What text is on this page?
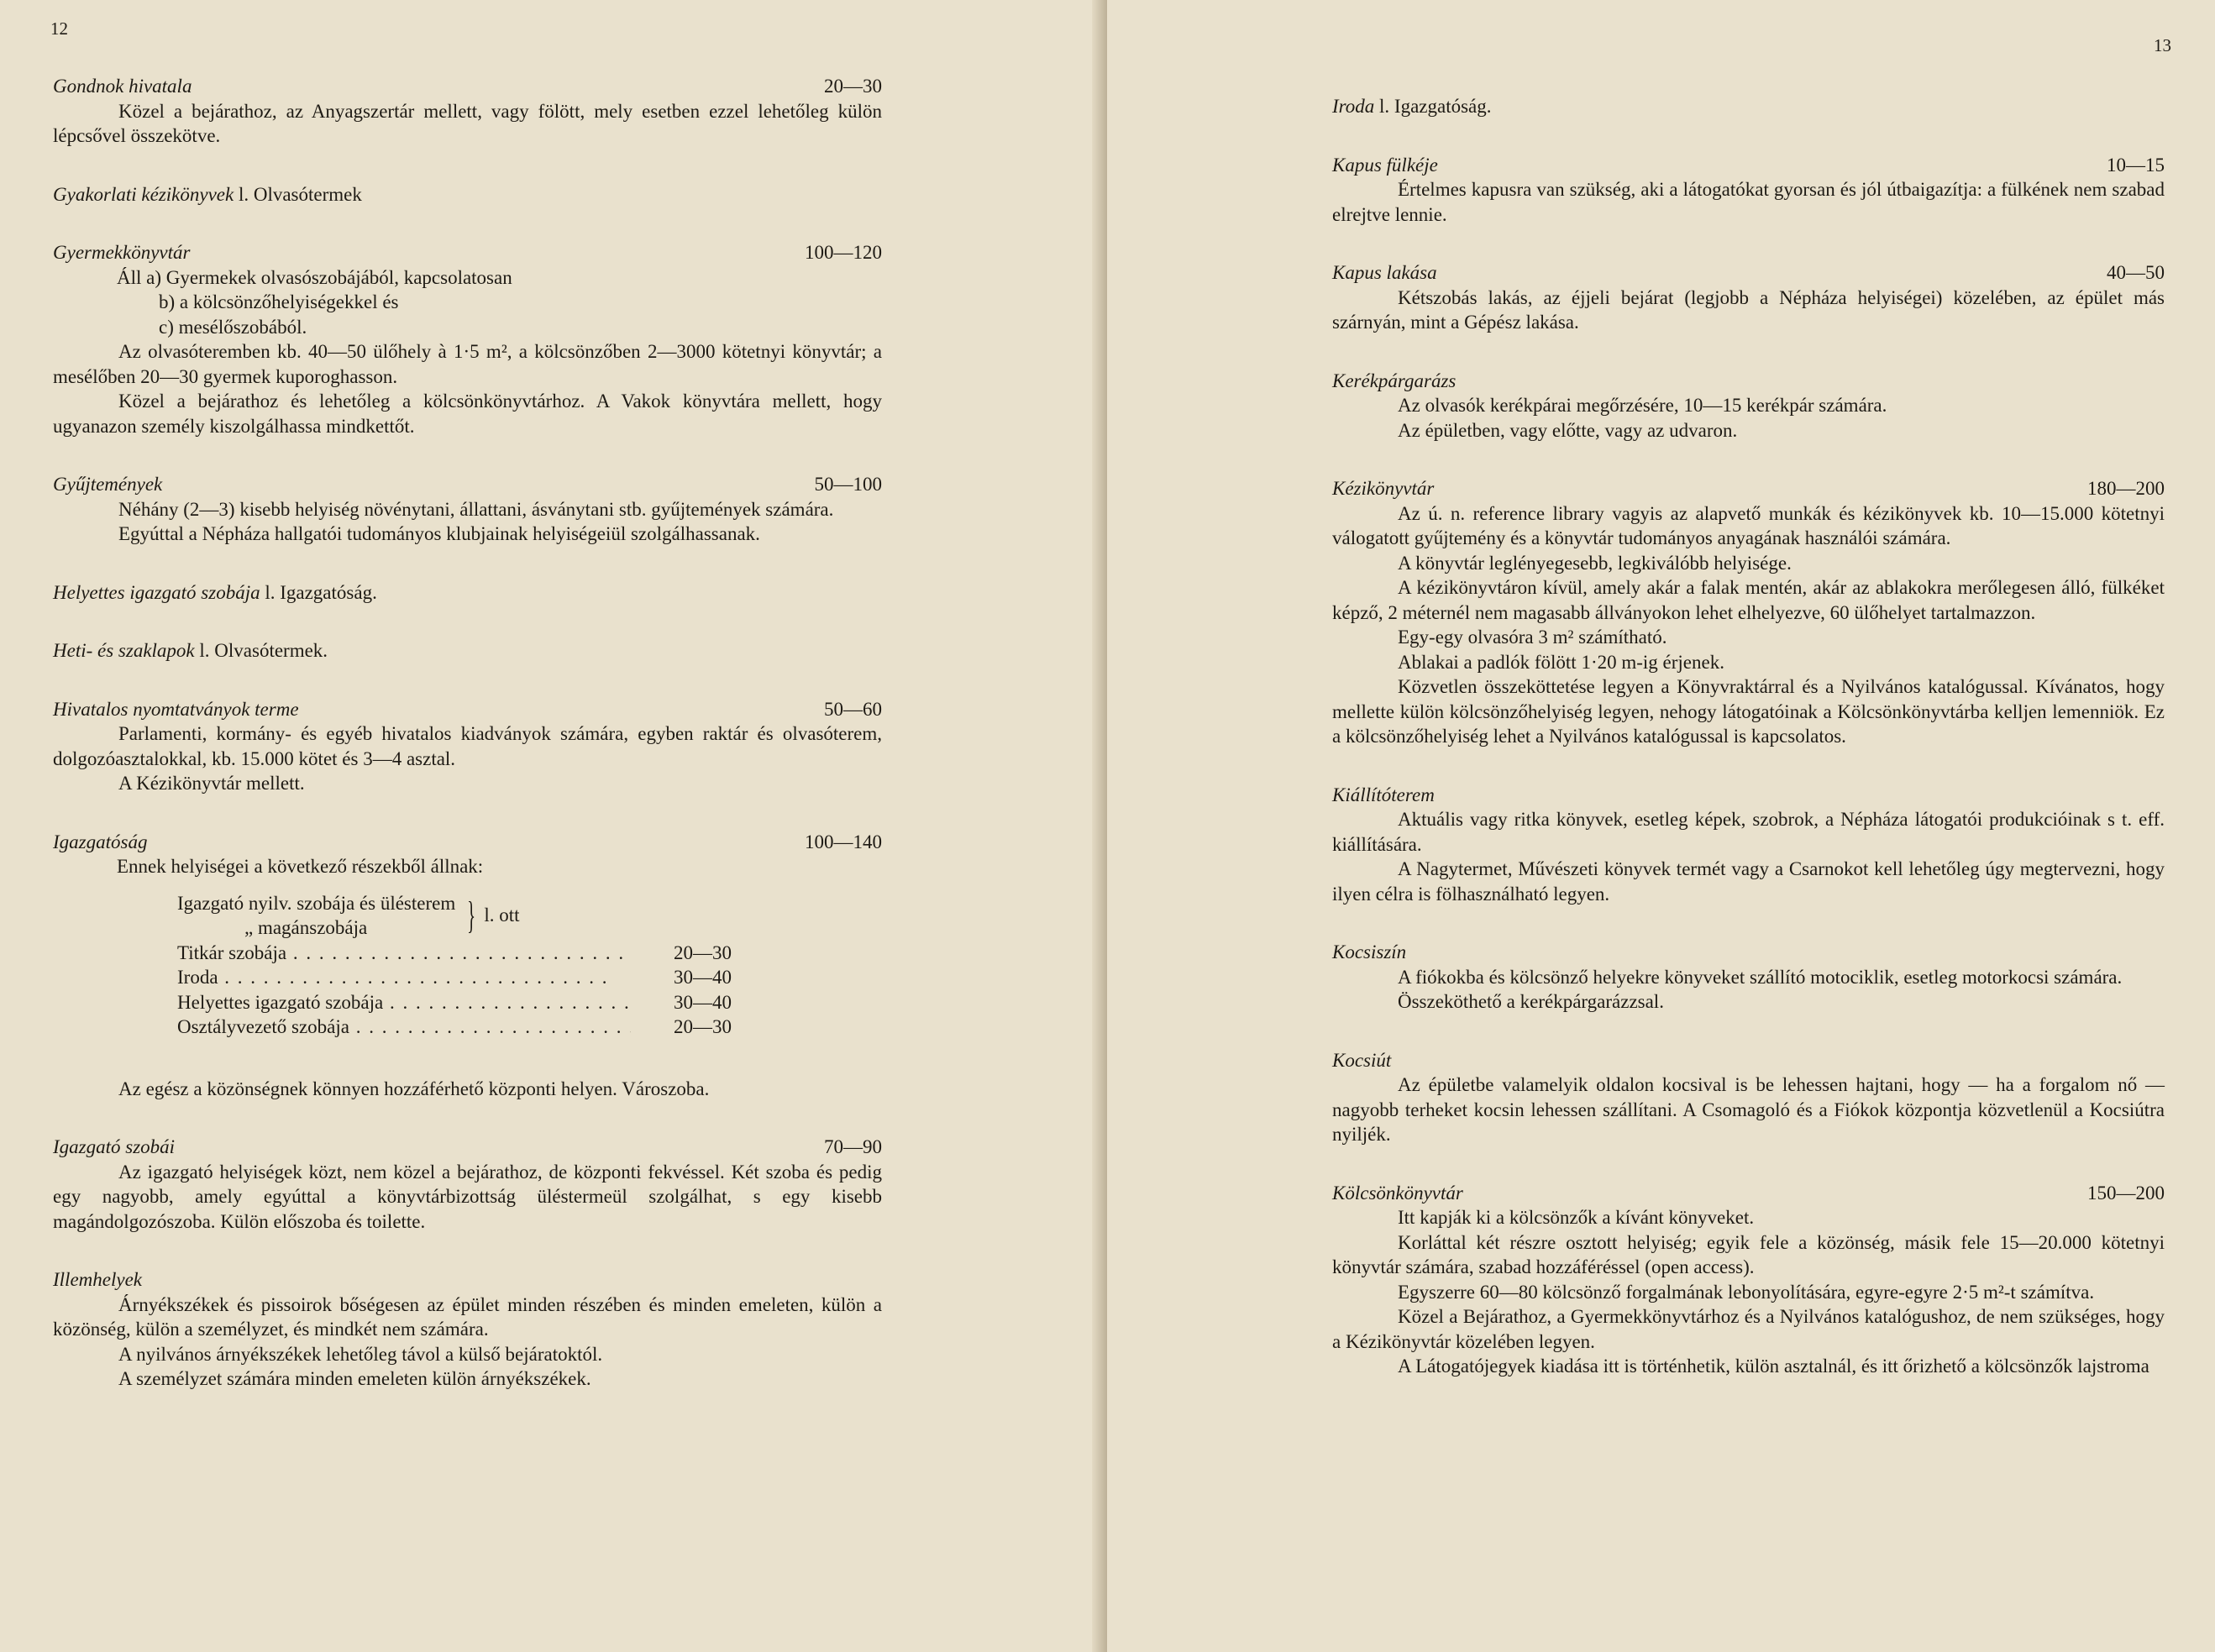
12
Gondnok hivatala	20—30

Közel a bejárathoz, az Anyagszertár mellett, vagy fölött, mely esetben ezzel lehetőleg külön lépcsővel összekötve.

Gyakorlati kézikönyvek l. Olvasótermek
Gyermekkönyvtár	100—120
Áll a) Gyermekek olvasószobájából, kapcsolatosan
b) a kölcsönzőhelyiségekkel és
c) mesélőszobából.

Az olvasóteremben kb. 40—50 ülőhely à 1·5 m², a kölcsönzőben 2—3000 kötetnyi könyvtár; a mesélőben 20—30 gyermek kuporoghasson.

Közel a bejárathoz és lehetőleg a kölcsönkönyvtárhoz. A Vakok könyvtára mellett, hogy ugyanazon személy kiszolgálhassa mindkettőt.

Gyűjtemények	50—100

Néhány (2—3) kisebb helyiség növénytani, állattani, ásványtani stb. gyűjtemények számára.

Egyúttal a Népháza hallgatói tudományos klubjainak helyiségeiül szolgálhassanak.

Helyettes igazgató szobája l. Igazgatóság.
Heti- és szaklapok l. Olvasótermek.
Hivatalos nyomtatványok terme	50—60

Parlamenti, kormány- és egyéb hivatalos kiadványok számára, egyben raktár és olvasóterem, dolgozóasztalokkal, kb. 15.000 kötet és 3—4 asztal.

A Kézikönyvtár mellett.

Igazgatóság	100—140

Ennek helyiségei a következő részekből állnak:

Igazgató nyilv. szobája és ülésterem
„ magánszobája	} l. ott
Titkár szobája . . .	20—30
Iroda . . .	30—40
Helyettes igazgató szobája . . .	30—40
Osztályvezető szobája . . .	20—30

Az egész a közönségnek könnyen hozzáférhető központi helyen. Városzoba.

Igazgató szobái	70—90

Az igazgató helyiségek közt, nem közel a bejárathoz, de központi fekvéssel. Két szoba és pedig egy nagyobb, amely egyúttal a könyvtárbizottság üléstermeül szolgálhat, s egy kisebb magándolgozószoba. Külön előszoba és toilette.

Illemhelyek

Árnyékszékek és pissoirok bőségesen az épület minden részében és minden emeleten, külön a közönség, külön a személyzet, és mindkét nem számára.

A nyilvános árnyékszékek lehetőleg távol a külső bejáratoktól.

A személyzet számára minden emeleten külön árnyékszékek.

13
Iroda l. Igazgatóság.
Kapus fülkéje	10—15

Értelmes kapusra van szükség, aki a látogatókat gyorsan és jól útbaigazítja: a fülkének nem szabad elrejtve lennie.

Kapus lakása	40—50

Kétszobás lakás, az éjjeli bejárat (legjobb a Népháza helyiségei) közelében, az épület más szárnyán, mint a Gépész lakása.

Kerékpárgarázs

Az olvasók kerékpárai megőrzésére, 10—15 kerékpár számára.

Az épületben, vagy előtte, vagy az udvaron.

Kézikönyvtár	180—200

Az ú. n. reference library vagyis az alapvető munkák és kézikönyvek kb. 10—15.000 kötetnyi válogatott gyűjtemény és a könyvtár tudományos anyagának használói számára.

A könyvtár leglényegesebb, legkiválóbb helyisége.

A kézikönyvtáron kívül, amely akár a falak mentén, akár az ablakokra merőlegesen álló, fülkéket képző, 2 méternél nem magasabb állványokon lehet elhelyezve, 60 ülőhelyet tartalmazzon.

Egy-egy olvasóra 3 m² számítható.

Ablakai a padlók fölött 1·20 m-ig érjenek.

Közvetlen összeköttetése legyen a Könyvraktárral és a Nyilvános katalógussal. Kívánatos, hogy mellette külön kölcsönzőhelyiség legyen, nehogy látogatóinak a Kölcsönkönyvtárba kelljen lemenniök. Ez a kölcsönzőhelyiség lehet a Nyilvános katalógussal is kapcsolatos.

Kiállítóterem

Aktuális vagy ritka könyvek, esetleg képek, szobrok, a Népháza látogatói produkcióinak s t. eff. kiállítására.

A Nagytermet, Művészeti könyvek termét vagy a Csarnokot kell lehetőleg úgy megtervezni, hogy ilyen célra is fölhasználható legyen.

Kocsiszín

A fiókokba és kölcsönző helyekre könyveket szállító motociklik, esetleg motorkocsi számára.

Összeköthető a kerékpárgarázzsal.

Kocsiút

Az épületbe valamelyik oldalon kocsival is be lehessen hajtani, hogy — ha a forgalom nő — nagyobb terheket kocsin lehessen szállítani. A Csomagoló és a Fiókok központja közvetlenül a Kocsiútra nyiljék.

Kölcsönkönyvtár	150—200

Itt kapják ki a kölcsönzők a kívánt könyveket.

Korláttal két részre osztott helyiség; egyik fele a közönség, másik fele 15—20.000 kötetnyi könyvtár számára, szabad hozzáféréssel (open access).

Egyszerre 60—80 kölcsönző forgalmának lebonyolítására, egyre-egyre 2·5 m²-t számítva.

Közel a Bejárathoz, a Gyermekkönyvtárhoz és a Nyilvános katalógushoz, de nem szükséges, hogy a Kézikönyvtár közelében legyen.

A Látogatójegyek kiadása itt is történhetik, külön asztalnál, és itt őrizhető a kölcsönzők lajstroma
